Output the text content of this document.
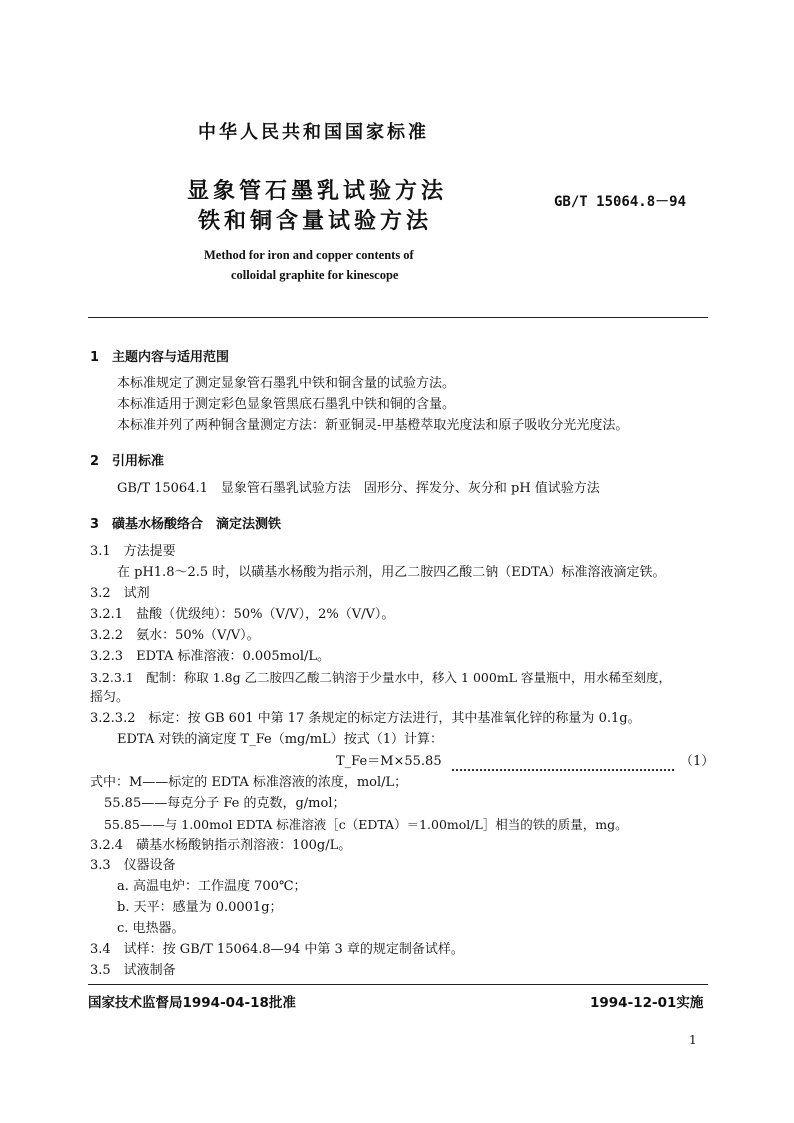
中华人民共和国国家标准
显象管石墨乳试验方法
铁和铜含量试验方法
GB/T 15064.8－94
Method for iron and copper contents of
colloidal graphite for kinescope
1　主题内容与适用范围
本标准规定了测定显象管石墨乳中铁和铜含量的试验方法。
本标准适用于测定彩色显象管黑底石墨乳中铁和铜的含量。
本标准并列了两种铜含量测定方法：新亚铜灵-甲基橙萃取光度法和原子吸收分光光度法。
2　引用标准
GB/T 15064.1　显象管石墨乳试验方法　固形分、挥发分、灰分和 pH 值试验方法
3　磺基水杨酸络合　滴定法测铁
3.1　方法提要
在 pH1.8～2.5 时，以磺基水杨酸为指示剂，用乙二胺四乙酸二钠（EDTA）标准溶液滴定铁。
3.2　试剂
3.2.1　盐酸（优级纯）：50%（V/V），2%（V/V）。
3.2.2　氨水：50%（V/V）。
3.2.3　EDTA 标准溶液：0.005mol/L。
3.2.3.1　配制：称取 1.8g 乙二胺四乙酸二钠溶于少量水中，移入 1 000mL 容量瓶中，用水稀至刻度，
摇匀。
3.2.3.2　标定：按 GB 601 中第 17 条规定的标定方法进行，其中基准氧化锌的称量为 0.1g。
EDTA 对铁的滴定度 T_Fe（mg/mL）按式（1）计算：
T_Fe＝M×55.85	（1）
式中：M——标定的 EDTA 标准溶液的浓度，mol/L；
55.85——每克分子 Fe 的克数，g/mol；
55.85——与 1.00mol EDTA 标准溶液［c（EDTA）＝1.00mol/L］相当的铁的质量，mg。
3.2.4　磺基水杨酸钠指示剂溶液：100g/L。
3.3　仪器设备
a. 高温电炉：工作温度 700℃；
b. 天平：感量为 0.0001g；
c. 电热器。
3.4　试样：按 GB/T 15064.8—94 中第 3 章的规定制备试样。
3.5　试液制备
国家技术监督局1994-04-18批准	1994-12-01实施
1
